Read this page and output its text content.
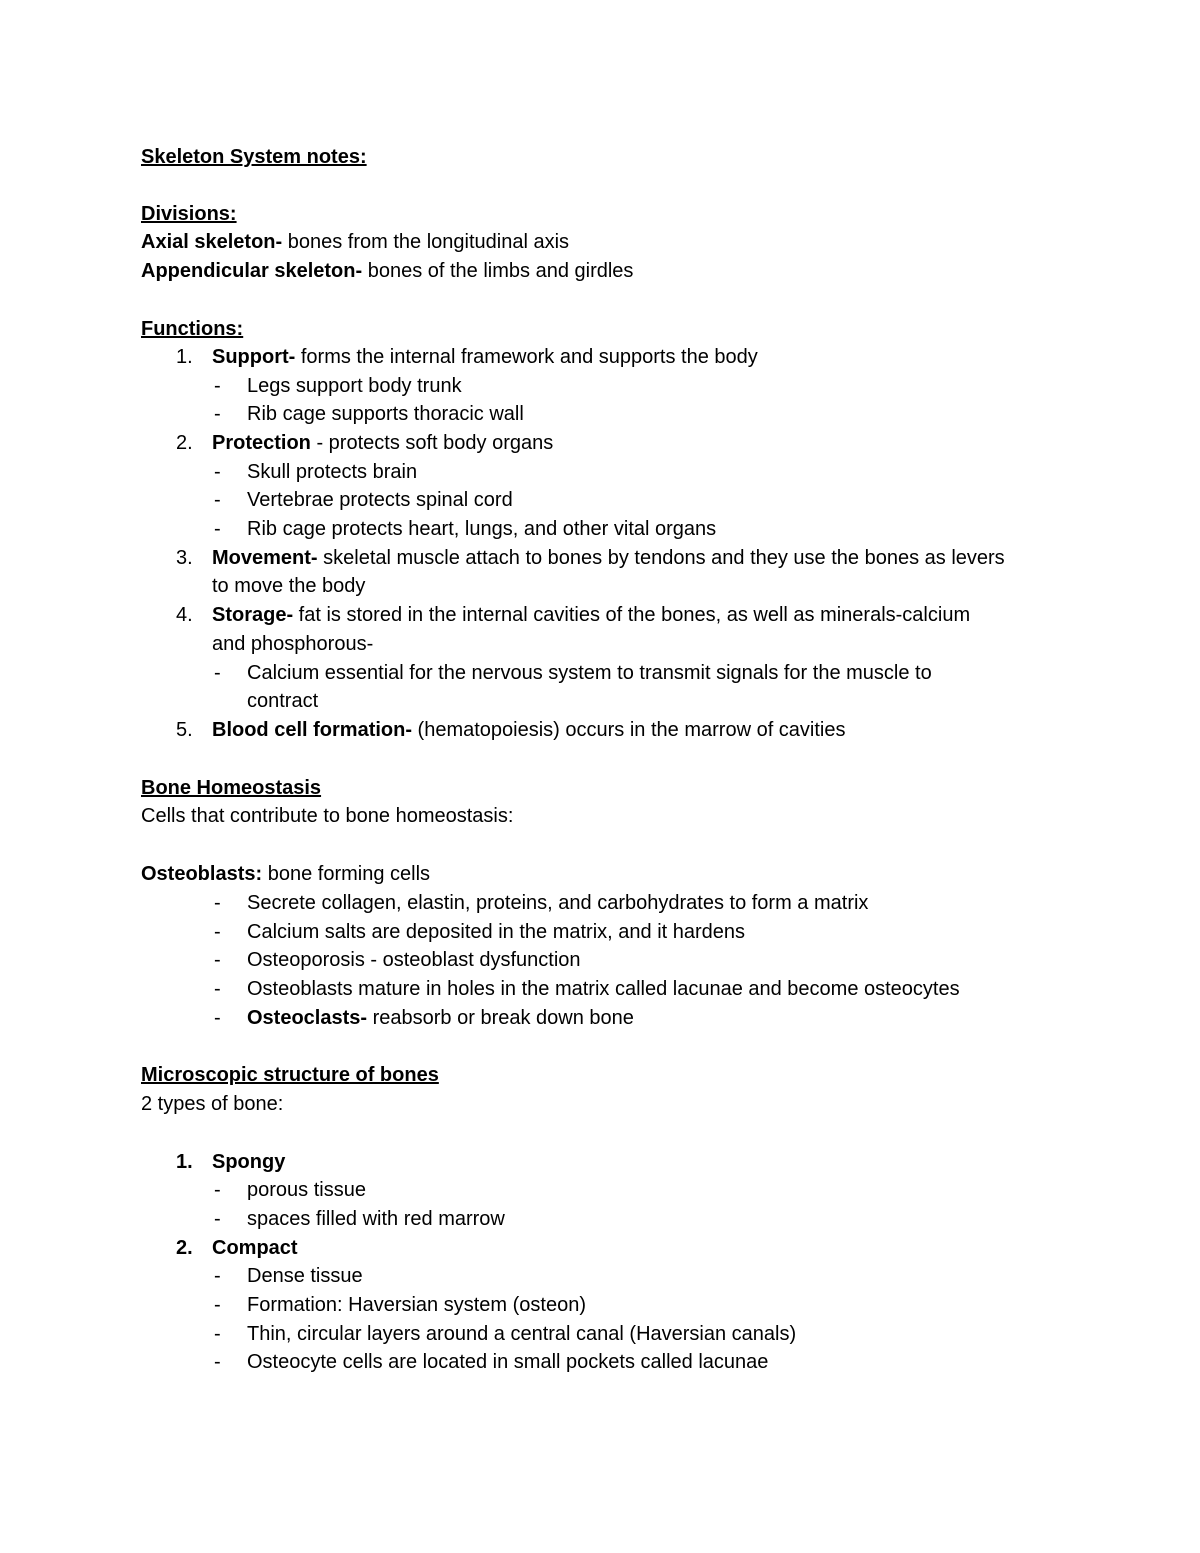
Skeleton System notes:
Divisions:
Axial skeleton- bones from the longitudinal axis
Appendicular skeleton- bones of the limbs and girdles
Functions:
1. Support- forms the internal framework and supports the body
- Legs support body trunk
- Rib cage supports thoracic wall
2. Protection - protects soft body organs
- Skull protects brain
- Vertebrae protects spinal cord
- Rib cage protects heart, lungs, and other vital organs
3. Movement- skeletal muscle attach to bones by tendons and they use the bones as levers
to move the body
4. Storage- fat is stored in the internal cavities of the bones, as well as minerals-calcium
and phosphorous-
- Calcium essential for the nervous system to transmit signals for the muscle to
contract
5. Blood cell formation- (hematopoiesis) occurs in the marrow of cavities
Bone Homeostasis
Cells that contribute to bone homeostasis:
Osteoblasts: bone forming cells
- Secrete collagen, elastin, proteins, and carbohydrates to form a matrix
- Calcium salts are deposited in the matrix, and it hardens
- Osteoporosis - osteoblast dysfunction
- Osteoblasts mature in holes in the matrix called lacunae and become osteocytes
- Osteoclasts- reabsorb or break down bone
Microscopic structure of bones
2 types of bone:
1. Spongy
- porous tissue
- spaces filled with red marrow
2. Compact
- Dense tissue
- Formation: Haversian system (osteon)
- Thin, circular layers around a central canal (Haversian canals)
- Osteocyte cells are located in small pockets called lacunae
